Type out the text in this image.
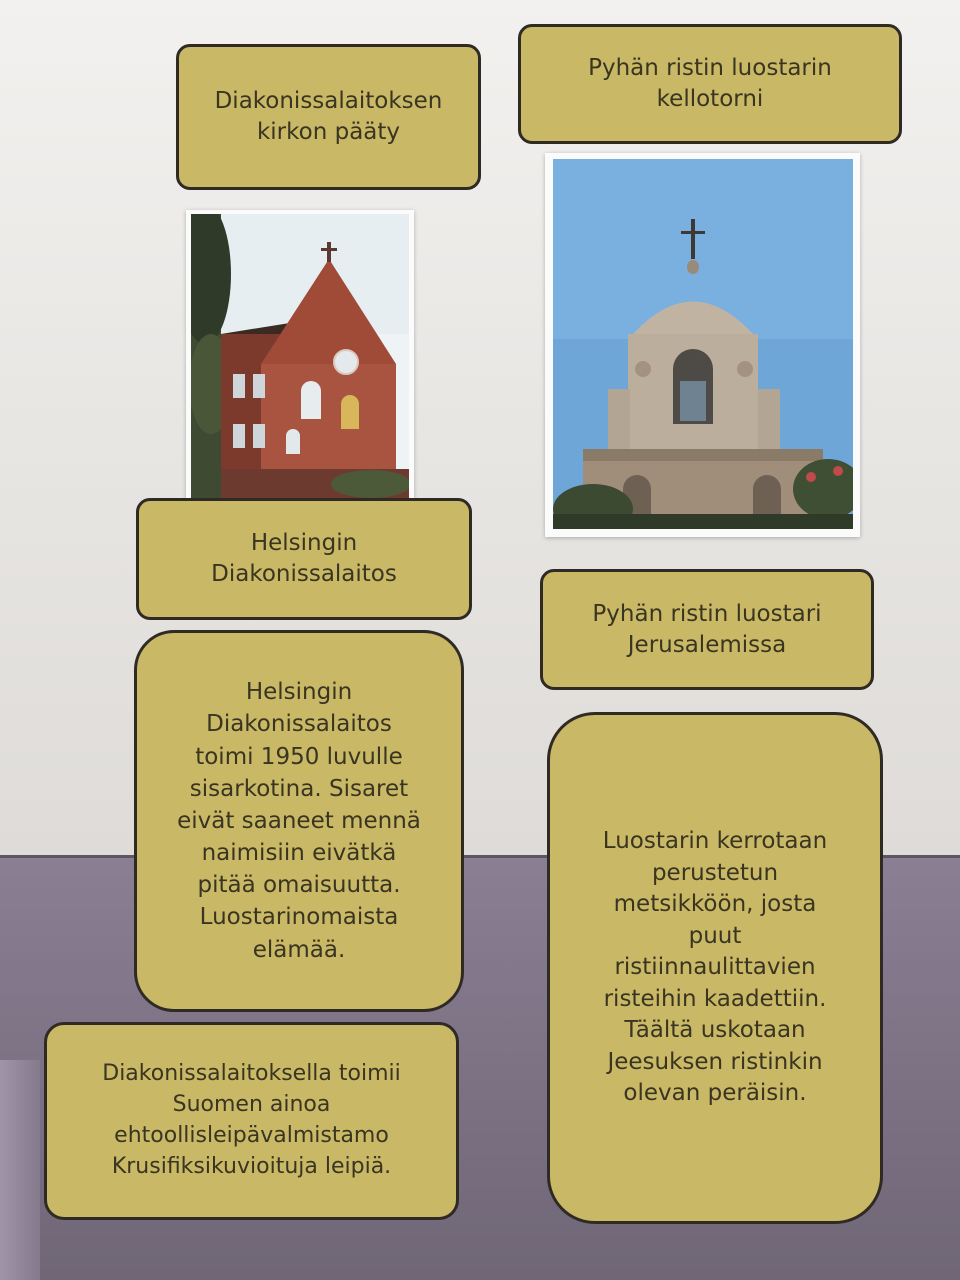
Diakonissalaitoksen
kirkon pääty
Pyhän ristin luostarin
kellotorni
Helsingin
Diakonissalaitos
Pyhän ristin luostari
Jerusalemissa
Helsingin
Diakonissalaitos
toimi 1950 luvulle
sisarkotina. Sisaret
eivät saaneet mennä
naimisiin eivätkä
pitää omaisuutta.
Luostarinomaista
elämää.
Luostarin kerrotaan
perustetun
metsikköön, josta
puut
ristiinnaulittavien
risteihin kaadettiin.
Täältä uskotaan
Jeesuksen ristinkin
olevan peräisin.
Diakonissalaitoksella toimii
Suomen ainoa
ehtoollisleipävalmistamo
Krusifiksikuvioituja leipiä.
